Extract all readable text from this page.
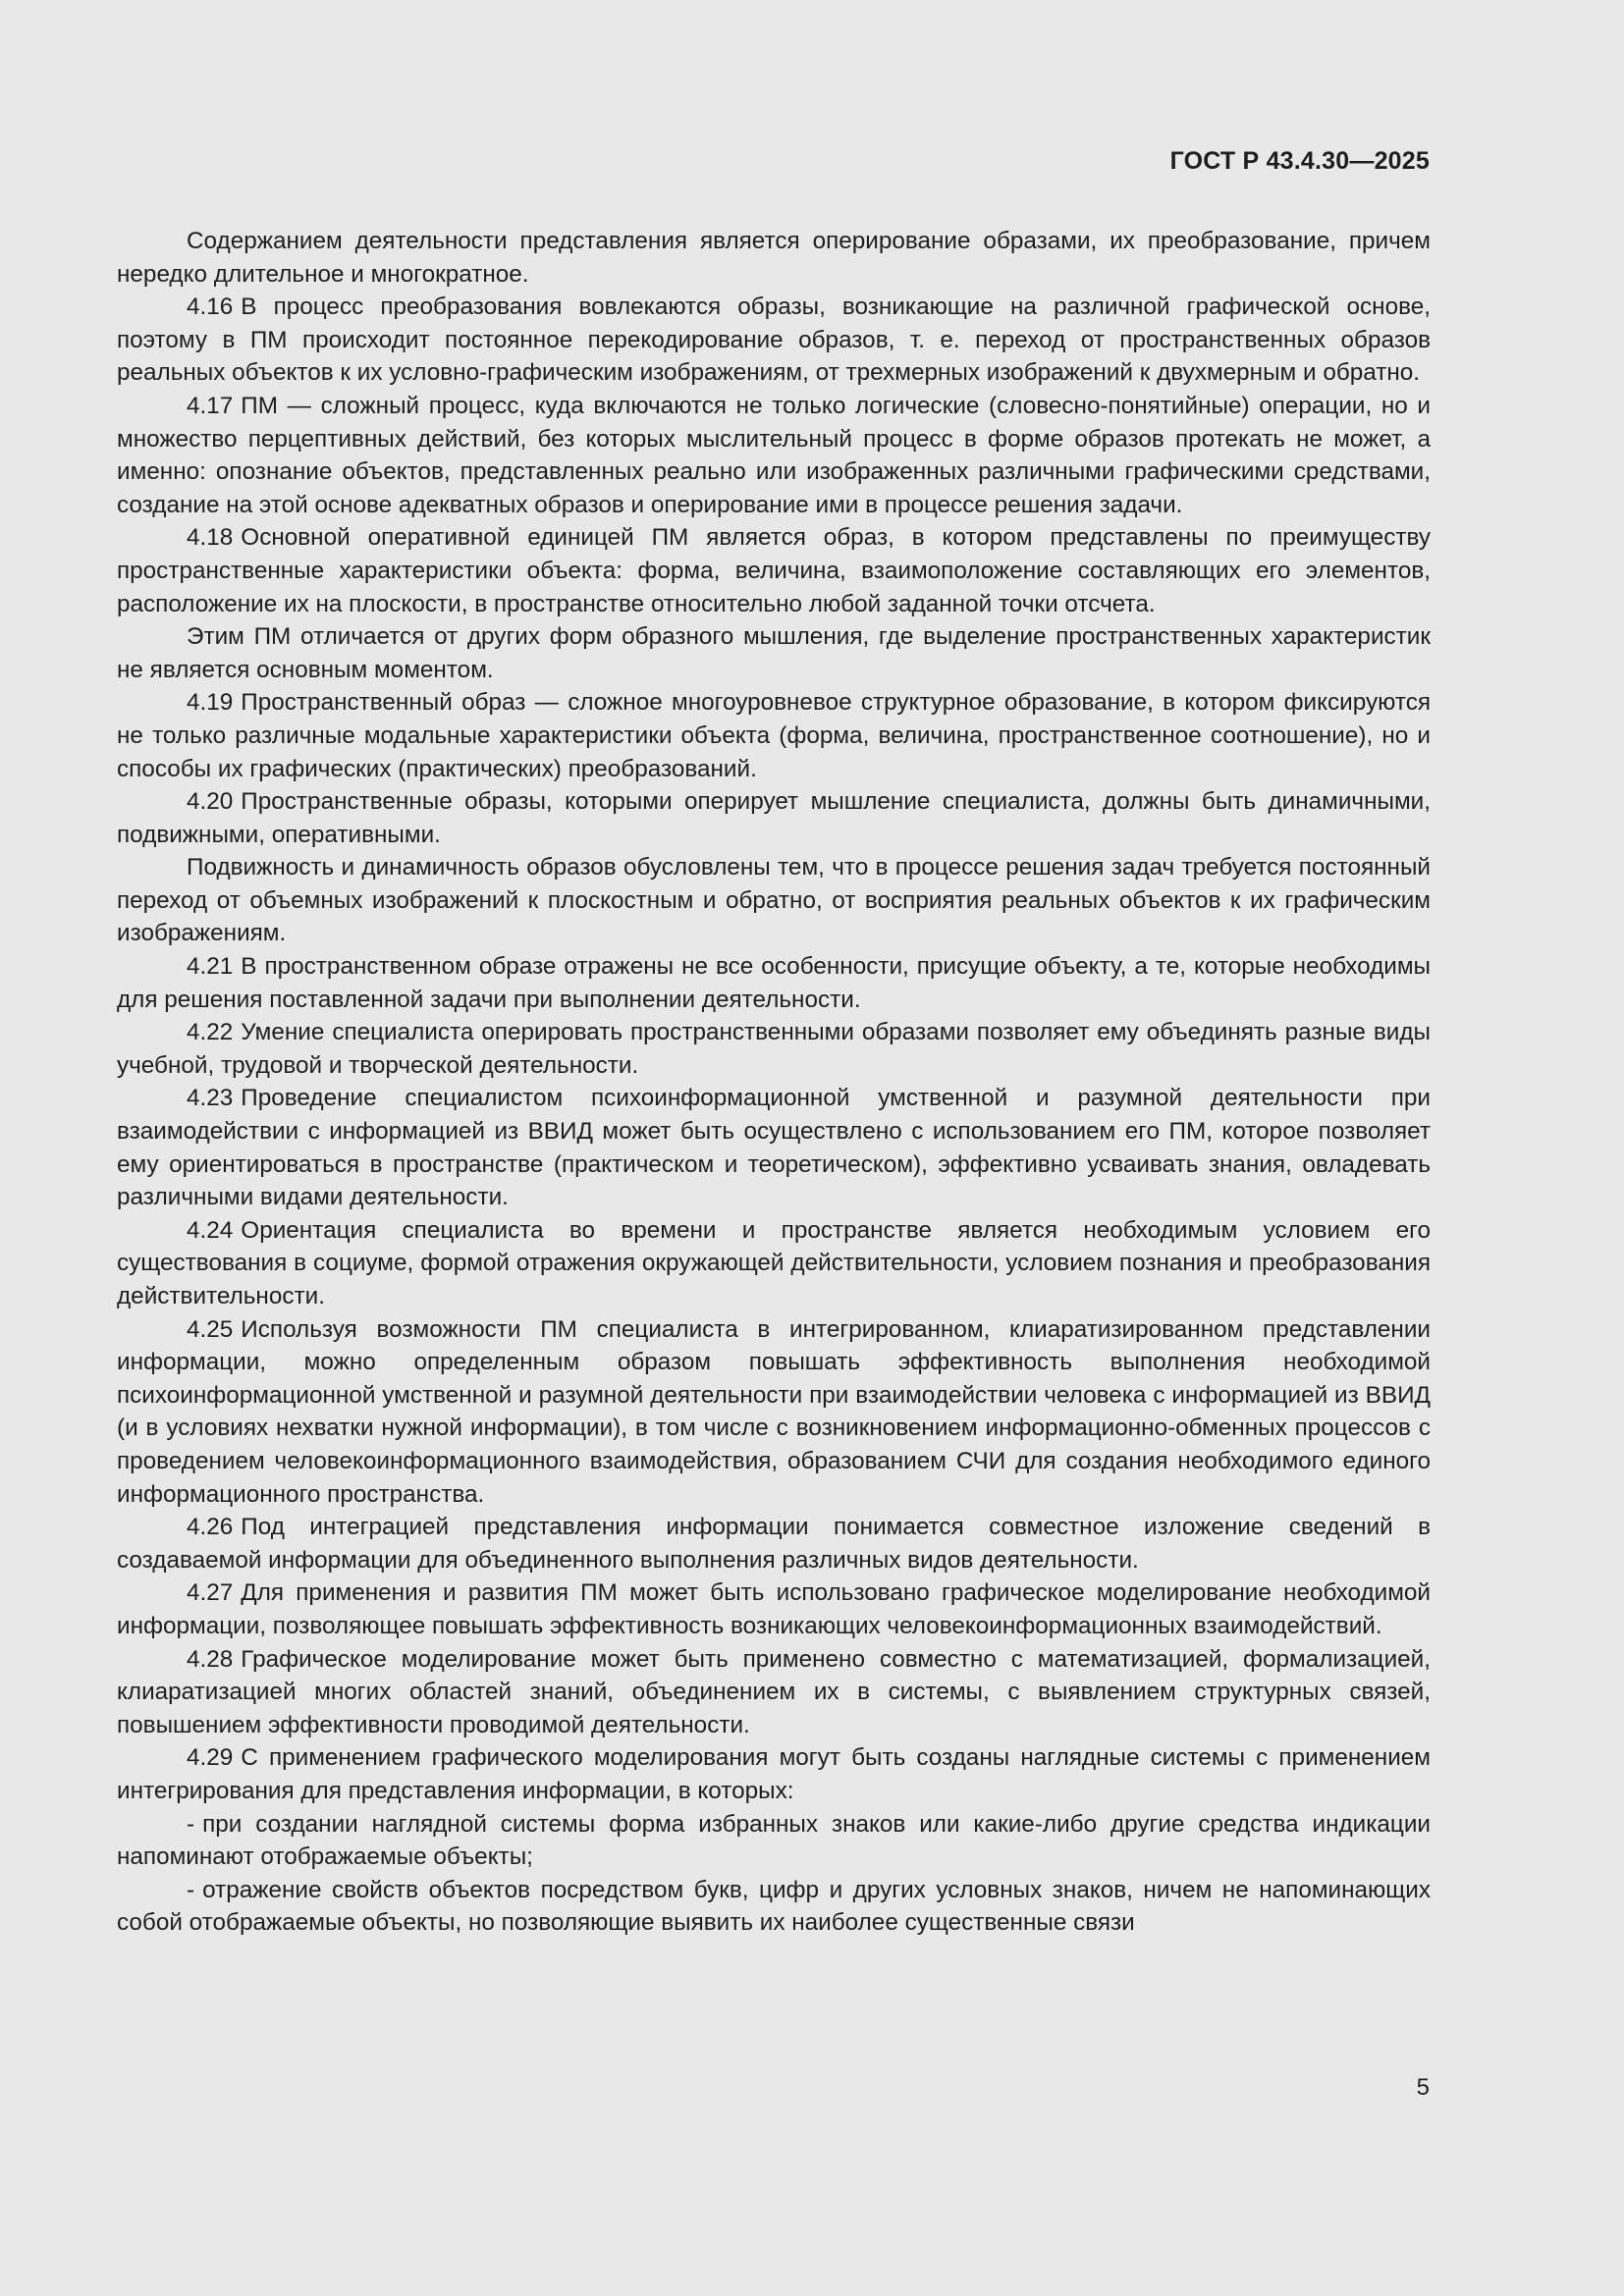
ГОСТ Р 43.4.30—2025

Содержанием деятельности представления является оперирование образами, их преобразование, причем нередко длительное и многократное.

4.16 В процесс преобразования вовлекаются образы, возникающие на различной графической основе, поэтому в ПМ происходит постоянное перекодирование образов, т. е. переход от пространственных образов реальных объектов к их условно-графическим изображениям, от трехмерных изображений к двухмерным и обратно.

4.17 ПМ — сложный процесс, куда включаются не только логические (словесно-понятийные) операции, но и множество перцептивных действий, без которых мыслительный процесс в форме образов протекать не может, а именно: опознание объектов, представленных реально или изображенных различными графическими средствами, создание на этой основе адекватных образов и оперирование ими в процессе решения задачи.

4.18 Основной оперативной единицей ПМ является образ, в котором представлены по преимуществу пространственные характеристики объекта: форма, величина, взаимоположение составляющих его элементов, расположение их на плоскости, в пространстве относительно любой заданной точки отсчета.

Этим ПМ отличается от других форм образного мышления, где выделение пространственных характеристик не является основным моментом.

4.19 Пространственный образ — сложное многоуровневое структурное образование, в котором фиксируются не только различные модальные характеристики объекта (форма, величина, пространственное соотношение), но и способы их графических (практических) преобразований.

4.20 Пространственные образы, которыми оперирует мышление специалиста, должны быть динамичными, подвижными, оперативными.

Подвижность и динамичность образов обусловлены тем, что в процессе решения задач требуется постоянный переход от объемных изображений к плоскостным и обратно, от восприятия реальных объектов к их графическим изображениям.

4.21 В пространственном образе отражены не все особенности, присущие объекту, а те, которые необходимы для решения поставленной задачи при выполнении деятельности.

4.22 Умение специалиста оперировать пространственными образами позволяет ему объединять разные виды учебной, трудовой и творческой деятельности.

4.23 Проведение специалистом психоинформационной умственной и разумной деятельности при взаимодействии с информацией из ВВИД может быть осуществлено с использованием его ПМ, которое позволяет ему ориентироваться в пространстве (практическом и теоретическом), эффективно усваивать знания, овладевать различными видами деятельности.

4.24 Ориентация специалиста во времени и пространстве является необходимым условием его существования в социуме, формой отражения окружающей действительности, условием познания и преобразования действительности.

4.25 Используя возможности ПМ специалиста в интегрированном, клиаратизированном представлении информации, можно определенным образом повышать эффективность выполнения необходимой психоинформационной умственной и разумной деятельности при взаимодействии человека с информацией из ВВИД (и в условиях нехватки нужной информации), в том числе с возникновением информационно-обменных процессов с проведением человекоинформационного взаимодействия, образованием СЧИ для создания необходимого единого информационного пространства.

4.26 Под интеграцией представления информации понимается совместное изложение сведений в создаваемой информации для объединенного выполнения различных видов деятельности.

4.27 Для применения и развития ПМ может быть использовано графическое моделирование необходимой информации, позволяющее повышать эффективность возникающих человекоинформационных взаимодействий.

4.28 Графическое моделирование может быть применено совместно с математизацией, формализацией, клиаратизацией многих областей знаний, объединением их в системы, с выявлением структурных связей, повышением эффективности проводимой деятельности.

4.29 С применением графического моделирования могут быть созданы наглядные системы с применением интегрирования для представления информации, в которых:

- при создании наглядной системы форма избранных знаков или какие-либо другие средства индикации напоминают отображаемые объекты;

- отражение свойств объектов посредством букв, цифр и других условных знаков, ничем не напоминающих собой отображаемые объекты, но позволяющие выявить их наиболее существенные связи

5
